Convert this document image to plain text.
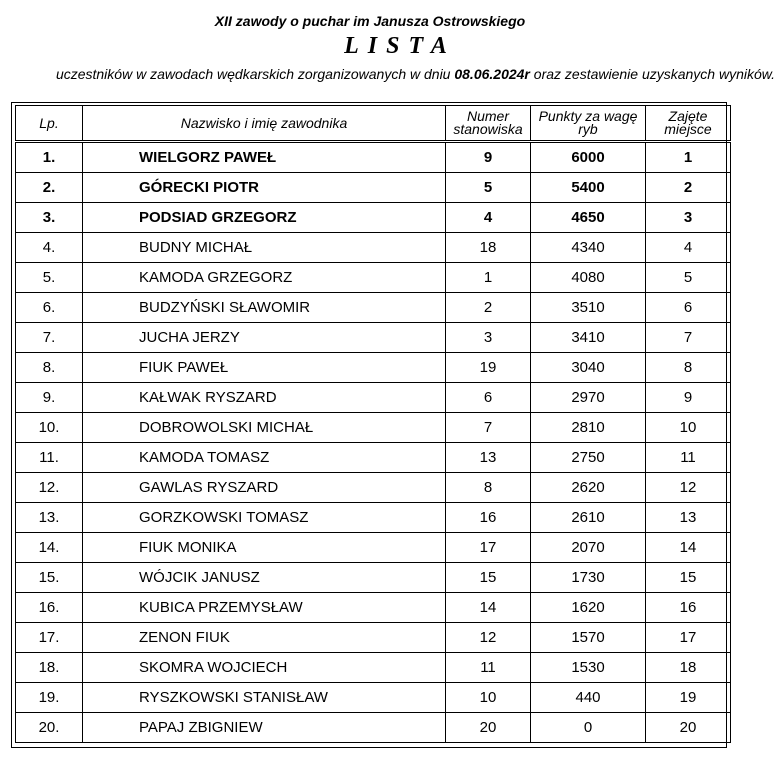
XII zawody o puchar im Janusza Ostrowskiego
LISTA
uczestników w zawodach wędkarskich zorganizowanych w dniu 08.06.2024r oraz zestawienie uzyskanych wyników.
Lp.	Nazwisko i imię zawodnika	Numer stanowiska	Punkty za wagę ryb	Zajęte miejsce
1.	WIELGORZ PAWEŁ	9	6000	1
2.	GÓRECKI PIOTR	5	5400	2
3.	PODSIAD GRZEGORZ	4	4650	3
4.	BUDNY MICHAŁ	18	4340	4
5.	KAMODA GRZEGORZ	1	4080	5
6.	BUDZYŃSKI SŁAWOMIR	2	3510	6
7.	JUCHA JERZY	3	3410	7
8.	FIUK PAWEŁ	19	3040	8
9.	KAŁWAK RYSZARD	6	2970	9
10.	DOBROWOLSKI MICHAŁ	7	2810	10
11.	KAMODA TOMASZ	13	2750	11
12.	GAWLAS RYSZARD	8	2620	12
13.	GORZKOWSKI TOMASZ	16	2610	13
14.	FIUK MONIKA	17	2070	14
15.	WÓJCIK JANUSZ	15	1730	15
16.	KUBICA PRZEMYSŁAW	14	1620	16
17.	ZENON FIUK	12	1570	17
18.	SKOMRA WOJCIECH	11	1530	18
19.	RYSZKOWSKI STANISŁAW	10	440	19
20.	PAPAJ ZBIGNIEW	20	0	20
